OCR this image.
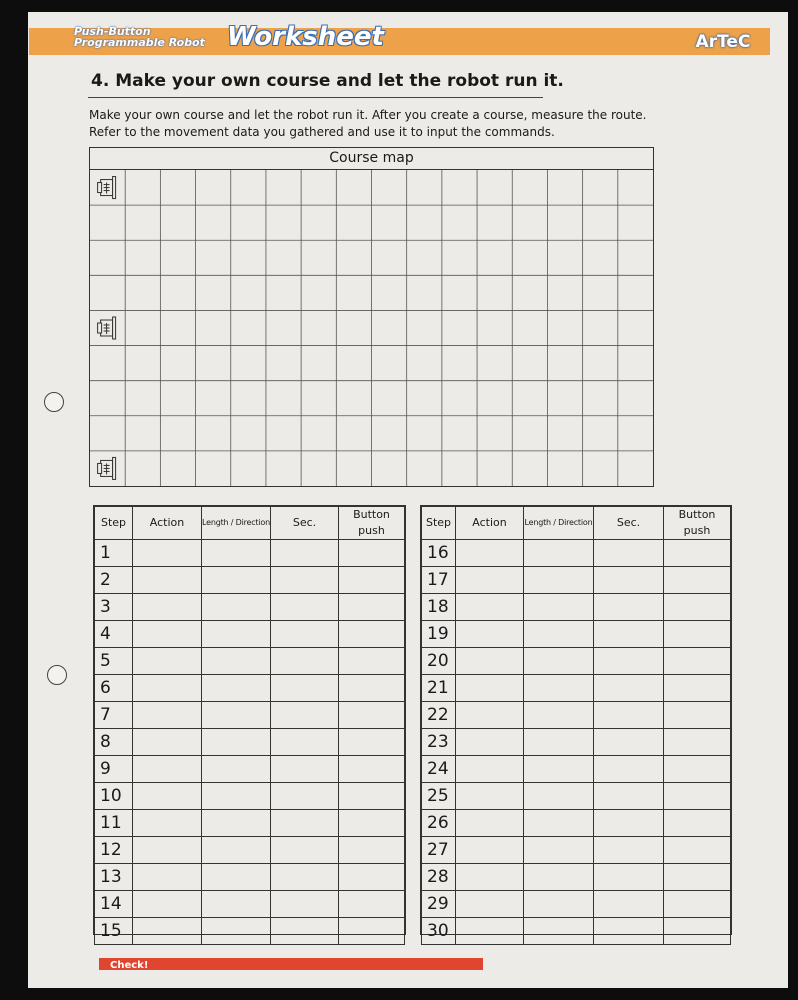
Push-Button
Programmable Robot Worksheet	ArTeC
4. Make your own course and let the robot run it.
Make your own course and let the robot run it. After you create a course, measure the route.
Refer to the movement data you gathered and use it to input the commands.
Course map
Step	Action	Length / Direction	Sec.	Button push
1				
2				
3				
4				
5				
6				
7				
8				
9				
10				
11				
12				
13				
14				
15				
Step	Action	Length / Direction	Sec.	Button push
16				
17				
18				
19				
20				
21				
22				
23				
24				
25				
26				
27				
28				
29				
30				
Check!
